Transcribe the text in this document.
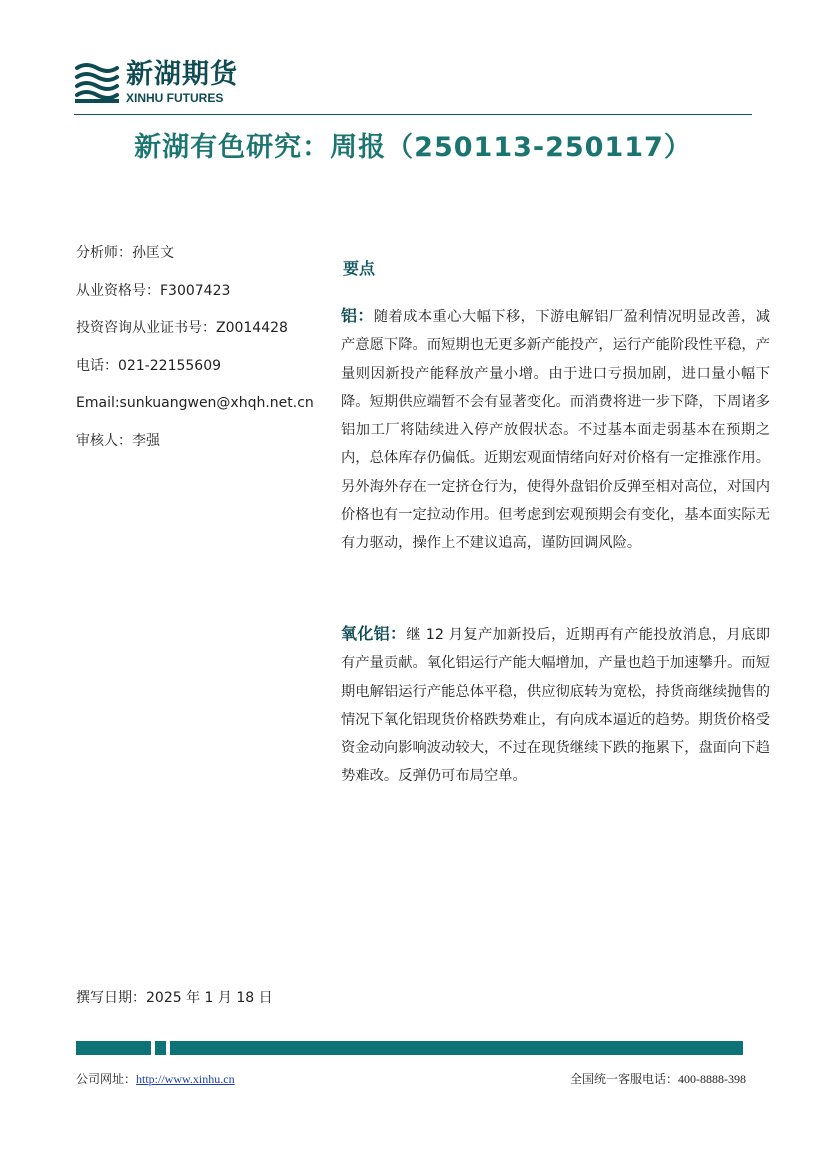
新湖期货
XINHU FUTURES
新湖有色研究：周报（250113-250117）
分析师：孙匡文
从业资格号：F3007423
投资咨询从业证书号：Z0014428
电话：021-22155609
Email:sunkuangwen@xhqh.net.cn
审核人：李强
要点

铝：随着成本重心大幅下移，下游电解铝厂盈利情况明显改善，减产意愿下降。而短期也无更多新产能投产，运行产能阶段性平稳，产量则因新投产能释放产量小增。由于进口亏损加剧，进口量小幅下降。短期供应端暂不会有显著变化。而消费将进一步下降，下周诸多铝加工厂将陆续进入停产放假状态。不过基本面走弱基本在预期之内，总体库存仍偏低。近期宏观面情绪向好对价格有一定推涨作用。另外海外存在一定挤仓行为，使得外盘铝价反弹至相对高位，对国内价格也有一定拉动作用。但考虑到宏观预期会有变化，基本面实际无有力驱动，操作上不建议追高，谨防回调风险。

氧化铝：继 12 月复产加新投后，近期再有产能投放消息，月底即有产量贡献。氧化铝运行产能大幅增加，产量也趋于加速攀升。而短期电解铝运行产能总体平稳，供应彻底转为宽松，持货商继续抛售的情况下氧化铝现货价格跌势难止，有向成本逼近的趋势。期货价格受资金动向影响波动较大，不过在现货继续下跌的拖累下，盘面向下趋势难改。反弹仍可布局空单。

撰写日期：2025 年 1 月 18 日
公司网址：http://www.xinhu.cn	全国统一客服电话：400-8888-398
